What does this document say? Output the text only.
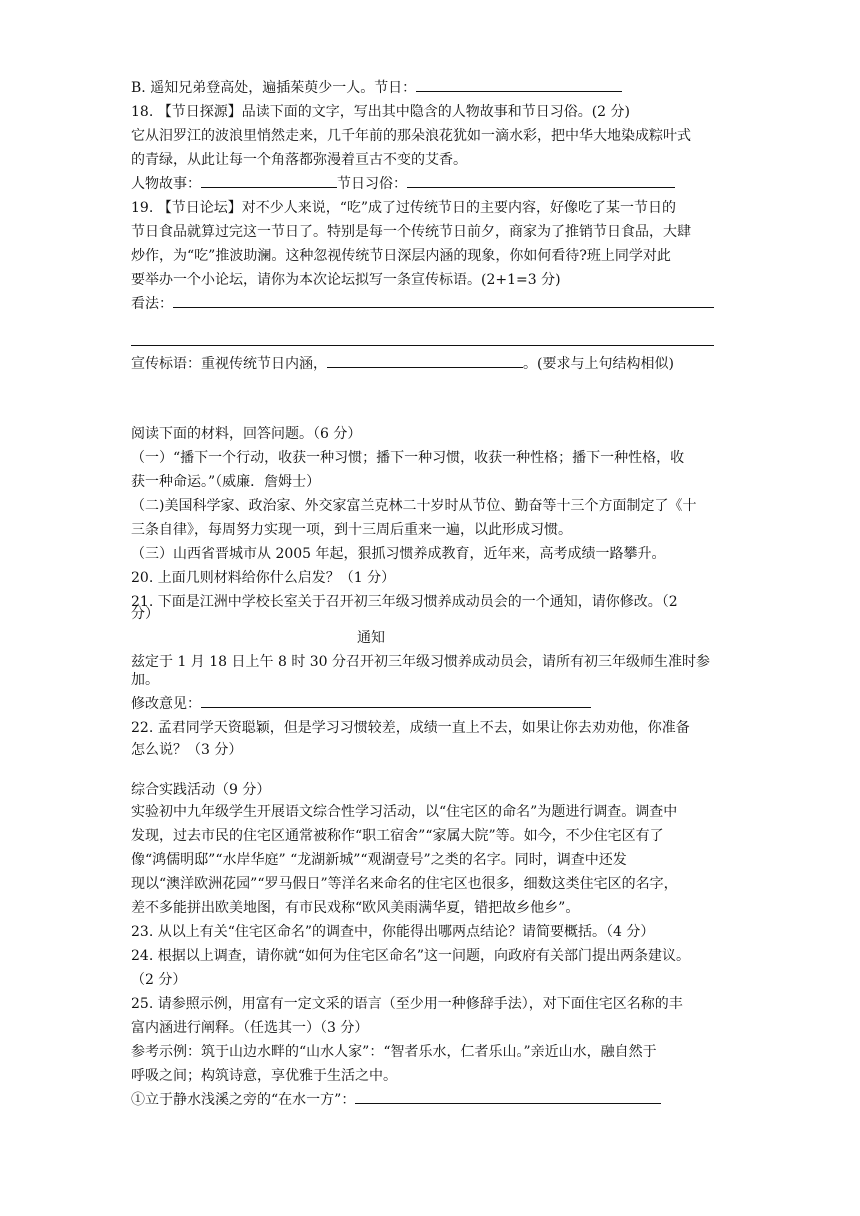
B. 遥知兄弟登高处，遍插茱萸少一人。节日：
18. 【节日探源】品读下面的文字，写出其中隐含的人物故事和节日习俗。(2 分)
它从汨罗江的波浪里悄然走来，几千年前的那朵浪花犹如一滴水彩，把中华大地染成粽叶式
的青绿，从此让每一个角落都弥漫着亘古不变的艾香。
人物故事：	节日习俗：
19. 【节日论坛】对不少人来说，“吃”成了过传统节日的主要内容，好像吃了某一节日的
节日食品就算过完这一节日了。特别是每一个传统节日前夕，商家为了推销节日食品，大肆
炒作，为“吃”推波助澜。这种忽视传统节日深层内涵的现象，你如何看待?班上同学对此
要举办一个小论坛，请你为本次论坛拟写一条宣传标语。(2+1=3 分)
看法：
宣传标语：重视传统节日内涵，	。(要求与上句结构相似)
阅读下面的材料，回答问题。（6 分）
（一）“播下一个行动，收获一种习惯；播下一种习惯，收获一种性格；播下一种性格，收
获一种命运。”（威廉．詹姆士）
（二)美国科学家、政治家、外交家富兰克林二十岁时从节位、勤奋等十三个方面制定了《十
三条自律》，每周努力实现一项，到十三周后重来一遍，以此形成习惯。
（三）山西省晋城市从 2005 年起，狠抓习惯养成教育，近年来，高考成绩一路攀升。
20. 上面几则材料给你什么启发？（1 分）
21. 下面是江洲中学校长室关于召开初三年级习惯养成动员会的一个通知，请你修改。（2
分）
通知
兹定于 1 月 18 日上午 8 时 30 分召开初三年级习惯养成动员会，请所有初三年级师生准时参
加。
修改意见：
22. 孟君同学天资聪颖，但是学习习惯较差，成绩一直上不去，如果让你去劝劝他，你准备
怎么说？（3 分）
综合实践活动（9 分）
实验初中九年级学生开展语文综合性学习活动，以“住宅区的命名”为题进行调查。调查中
发现，过去市民的住宅区通常被称作“职工宿舍”“家属大院”等。如今，不少住宅区有了
像“鸿儒明邸”“水岸华庭” “龙湖新城”“观湖壹号”之类的名字。同时，调查中还发
现以“澳洋欧洲花园”“罗马假日”等洋名来命名的住宅区也很多，细数这类住宅区的名字，
差不多能拼出欧美地图，有市民戏称“欧风美雨满华夏，错把故乡他乡”。
23. 从以上有关“住宅区命名”的调查中，你能得出哪两点结论？请简要概括。（4 分）
24. 根据以上调查，请你就“如何为住宅区命名”这一问题，向政府有关部门提出两条建议。
（2 分）
25. 请参照示例，用富有一定文采的语言（至少用一种修辞手法），对下面住宅区名称的丰
富内涵进行阐释。（任选其一）（3 分）
参考示例：筑于山边水畔的“山水人家”：“智者乐水，仁者乐山。”亲近山水，融自然于
呼吸之间；构筑诗意，享优雅于生活之中。
①立于静水浅溪之旁的“在水一方”：
